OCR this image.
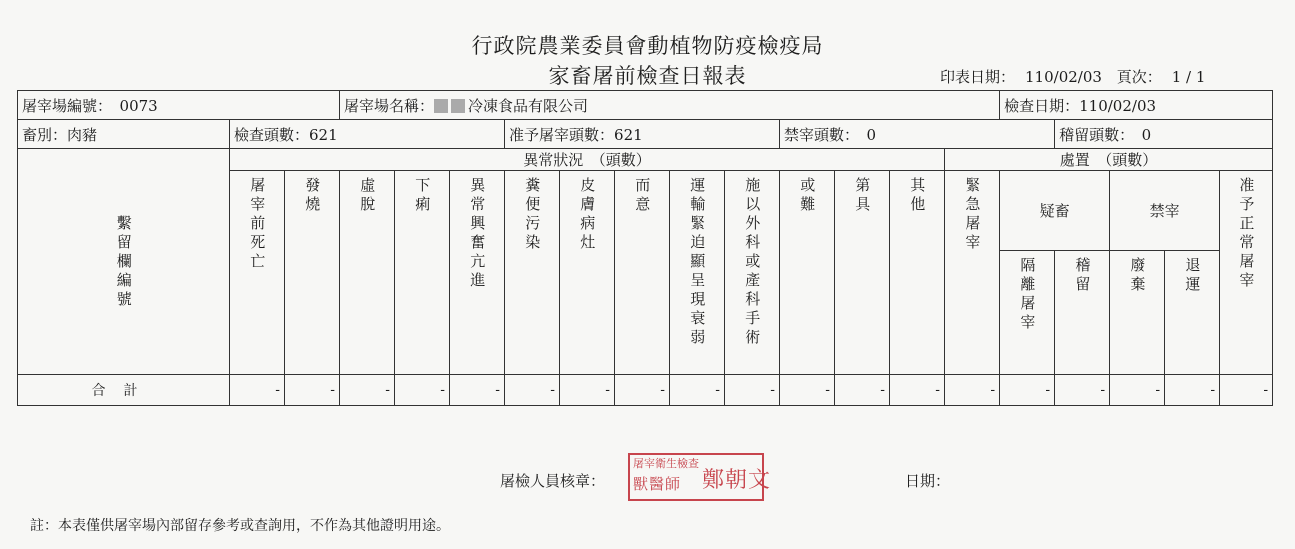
行政院農業委員會動植物防疫檢疫局
家畜屠前檢查日報表	印表日期： 110/02/03 頁次： 1 / 1
屠宰場編號：　 0073			屠宰場名稱： 冷凍食品有限公司												檢查日期：110/02/03				
畜別：肉豬	檢查頭數：621					准予屠宰頭數：621					禁宰頭數：　 0					稽留頭數：　 0			
繫留欄編號	異常狀況　（頭數）													處置　（頭數）					
	屠宰前死亡	發燒	虛脫	下痢	異常興奮亢進	糞便污染	皮膚病灶	而意	運輸緊迫顯呈現衰弱	施以外科或產科手術	或難	第具	其他	緊急屠宰	疑畜		禁宰		准予正常屠宰
															隔離屠宰	稽留	廢棄	退運	
合計	-	-	-	-	-	-	-	-	-	-	-	-	-	-	-	-	-	-	-
屠檢人員核章：
屠宰衛生檢查
獸醫師 鄭朝文	日期：
註：本表僅供屠宰場內部留存參考或查詢用，不作為其他證明用途。
